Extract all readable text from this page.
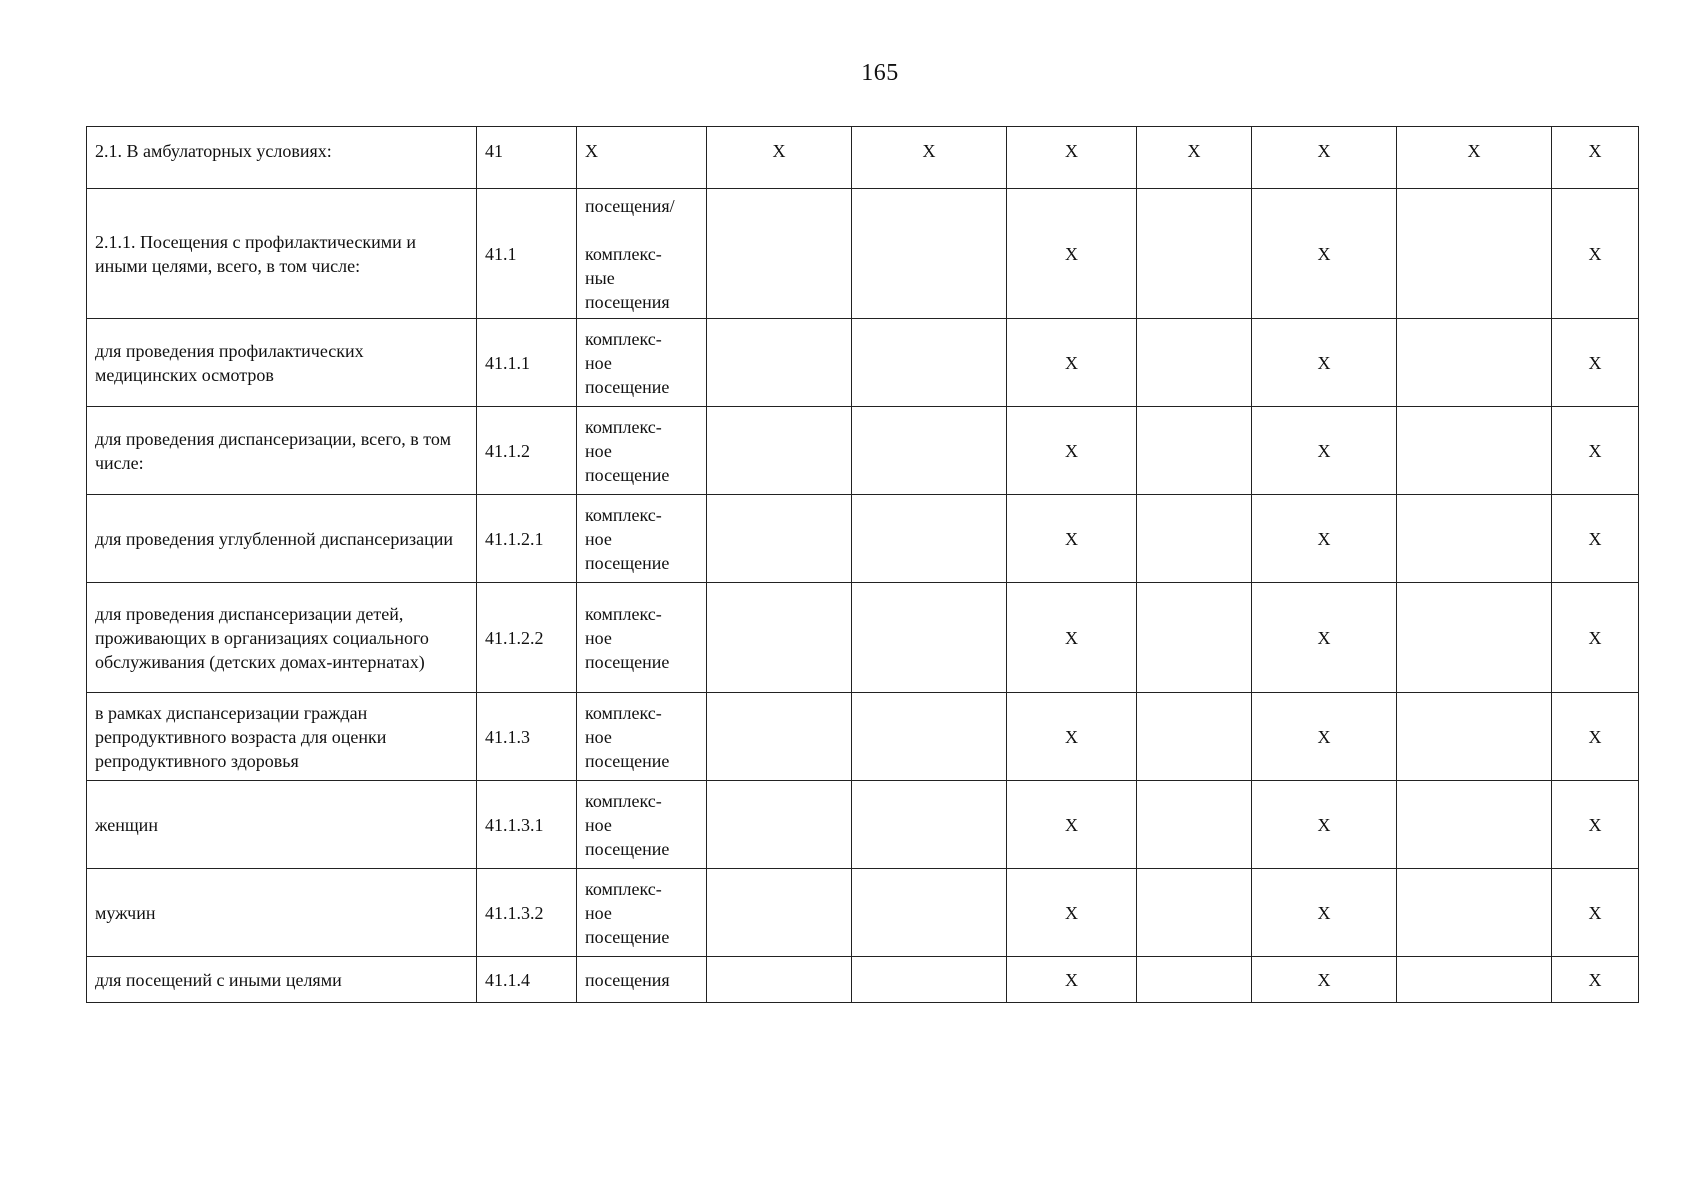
165
2.1. В амбулаторных условиях:	41	X	X	X	X	X	X	X	X
2.1.1. Посещения с профилактическими и иными целями, всего, в том числе:	41.1	посещения/

комплекс-
ные
посещения			X		X		X
для проведения профилактических медицинских осмотров	41.1.1	комплекс-
ное
посещение			X		X		X
для проведения диспансеризации, всего, в том числе:	41.1.2	комплекс-
ное
посещение			X		X		X
для проведения углубленной диспансеризации	41.1.2.1	комплекс-
ное
посещение			X		X		X
для проведения диспансеризации детей, проживающих в организациях социального обслуживания (детских домах-интернатах)	41.1.2.2	комплекс-
ное
посещение			X		X		X
в рамках диспансеризации граждан репродуктивного возраста для оценки репродуктивного здоровья	41.1.3	комплекс-
ное
посещение			X		X		X
женщин	41.1.3.1	комплекс-
ное
посещение			X		X		X
мужчин	41.1.3.2	комплекс-
ное
посещение			X		X		X
для посещений с иными целями	41.1.4	посещения			X		X		X
